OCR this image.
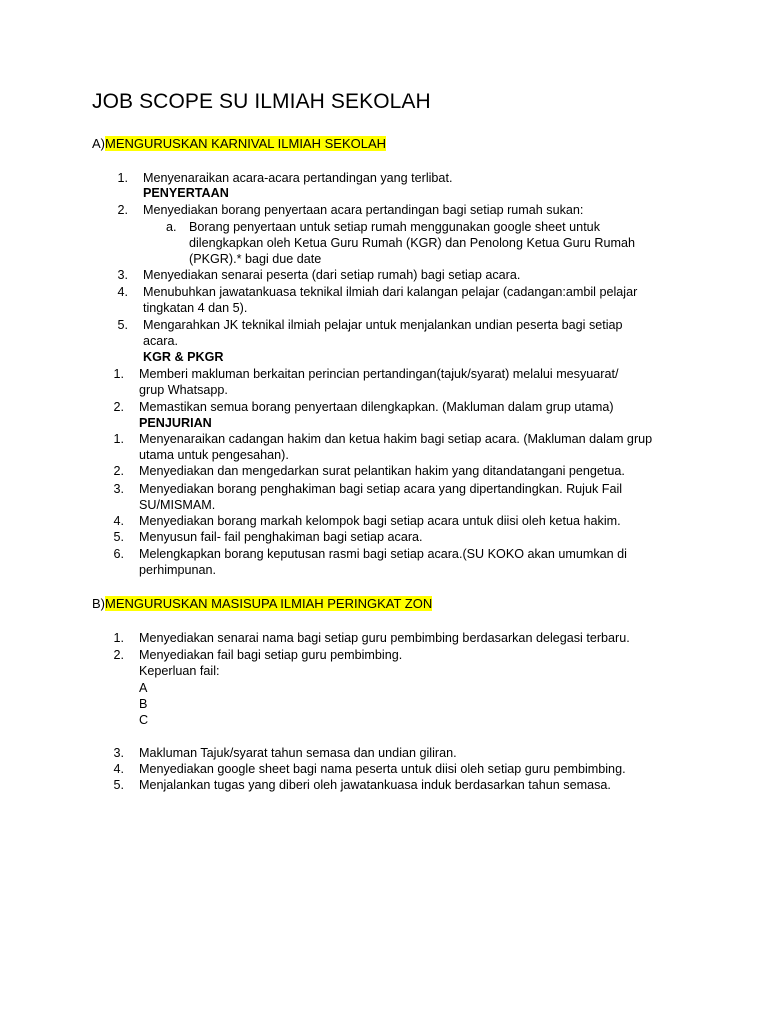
JOB SCOPE SU ILMIAH SEKOLAH
A)MENGURUSKAN KARNIVAL ILMIAH SEKOLAH
1. Menyenaraikan acara-acara pertandingan yang terlibat.
PENYERTAAN
2. Menyediakan borang penyertaan acara pertandingan bagi setiap rumah sukan:
a. Borang penyertaan untuk setiap rumah menggunakan google sheet untuk
dilengkapkan oleh Ketua Guru Rumah (KGR) dan Penolong Ketua Guru Rumah
(PKGR).* bagi due date
3. Menyediakan senarai peserta (dari setiap rumah) bagi setiap acara.
4. Menubuhkan jawatankuasa teknikal ilmiah dari kalangan pelajar (cadangan:ambil pelajar
tingkatan 4 dan 5).
5. Mengarahkan JK teknikal ilmiah pelajar untuk menjalankan undian peserta bagi setiap
acara.
KGR & PKGR
1. Memberi makluman berkaitan perincian pertandingan(tajuk/syarat) melalui mesyuarat/
grup Whatsapp.
2. Memastikan semua borang penyertaan dilengkapkan. (Makluman dalam grup utama)
PENJURIAN
1. Menyenaraikan cadangan hakim dan ketua hakim bagi setiap acara. (Makluman dalam grup
utama untuk pengesahan).
2. Menyediakan dan mengedarkan surat pelantikan hakim yang ditandatangani pengetua.
3. Menyediakan borang penghakiman bagi setiap acara yang dipertandingkan. Rujuk Fail
SU/MISMAM.
4. Menyediakan borang markah kelompok bagi setiap acara untuk diisi oleh ketua hakim.
5. Menyusun fail- fail penghakiman bagi setiap acara.
6. Melengkapkan borang keputusan rasmi bagi setiap acara.(SU KOKO akan umumkan di
perhimpunan.
B)MENGURUSKAN MASISUPA ILMIAH PERINGKAT ZON
1. Menyediakan senarai nama bagi setiap guru pembimbing berdasarkan delegasi terbaru.
2. Menyediakan fail bagi setiap guru pembimbing.
Keperluan fail:
A
B
C
3. Makluman Tajuk/syarat tahun semasa dan undian giliran.
4. Menyediakan google sheet bagi nama peserta untuk diisi oleh setiap guru pembimbing.
5. Menjalankan tugas yang diberi oleh jawatankuasa induk berdasarkan tahun semasa.
